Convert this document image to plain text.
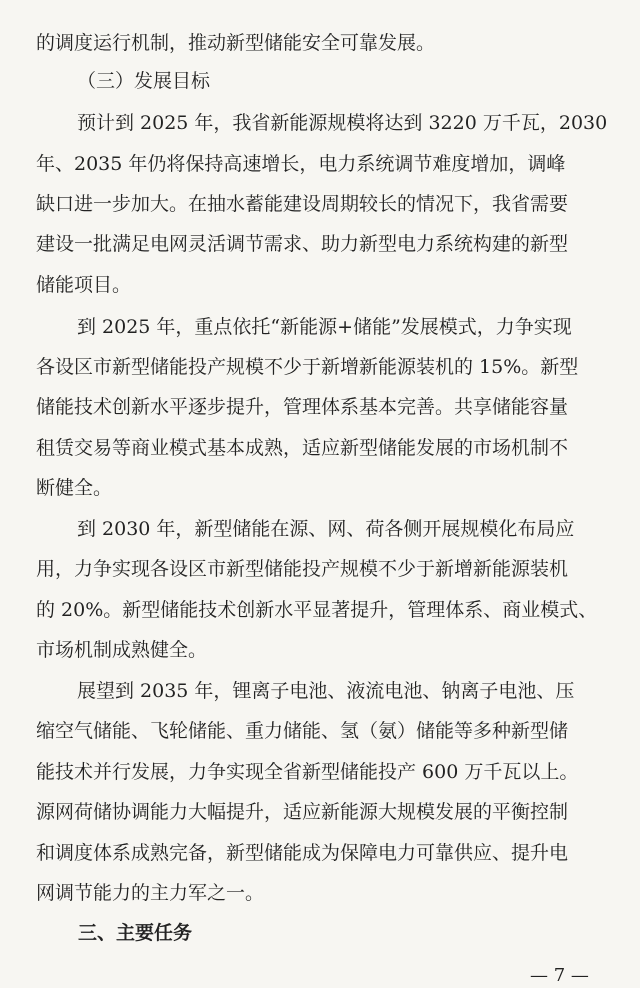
的调度运行机制，推动新型储能安全可靠发展。
（三）发展目标
预计到 2025 年，我省新能源规模将达到 3220 万千瓦，2030
年、2035 年仍将保持高速增长，电力系统调节难度增加，调峰
缺口进一步加大。在抽水蓄能建设周期较长的情况下，我省需要
建设一批满足电网灵活调节需求、助力新型电力系统构建的新型
储能项目。
到 2025 年，重点依托“新能源+储能”发展模式，力争实现
各设区市新型储能投产规模不少于新增新能源装机的 15%。新型
储能技术创新水平逐步提升，管理体系基本完善。共享储能容量
租赁交易等商业模式基本成熟，适应新型储能发展的市场机制不
断健全。
到 2030 年，新型储能在源、网、荷各侧开展规模化布局应
用，力争实现各设区市新型储能投产规模不少于新增新能源装机
的 20%。新型储能技术创新水平显著提升，管理体系、商业模式、
市场机制成熟健全。
展望到 2035 年，锂离子电池、液流电池、钠离子电池、压
缩空气储能、飞轮储能、重力储能、氢（氨）储能等多种新型储
能技术并行发展，力争实现全省新型储能投产 600 万千瓦以上。
源网荷储协调能力大幅提升，适应新能源大规模发展的平衡控制
和调度体系成熟完备，新型储能成为保障电力可靠供应、提升电
网调节能力的主力军之一。
三、主要任务
— 7 —
